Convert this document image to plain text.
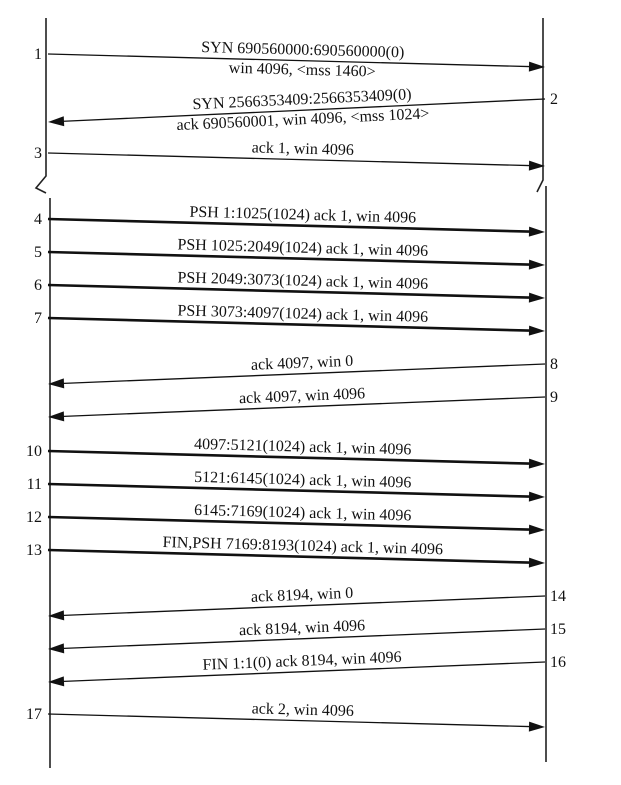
SYN 690560000:690560000(0)
win 4096, <mss 1460>
1
SYN 2566353409:2566353409(0)
ack 690560001, win 4096, <mss 1024>
2
ack 1, win 4096
3
PSH 1:1025(1024) ack 1, win 4096
4
PSH 1025:2049(1024) ack 1, win 4096
5
PSH 2049:3073(1024) ack 1, win 4096
6
PSH 3073:4097(1024) ack 1, win 4096
7
ack 4097, win 0	8
ack 4097, win 4096	9
4097:5121(1024) ack 1, win 4096
10
5121:6145(1024) ack 1, win 4096
11
6145:7169(1024) ack 1, win 4096
12
FIN,PSH 7169:8193(1024) ack 1, win 4096
13
ack 8194, win 0	14
ack 8194, win 4096	15
FIN 1:1(0) ack 8194, win 4096	16
ack 2, win 4096
17
